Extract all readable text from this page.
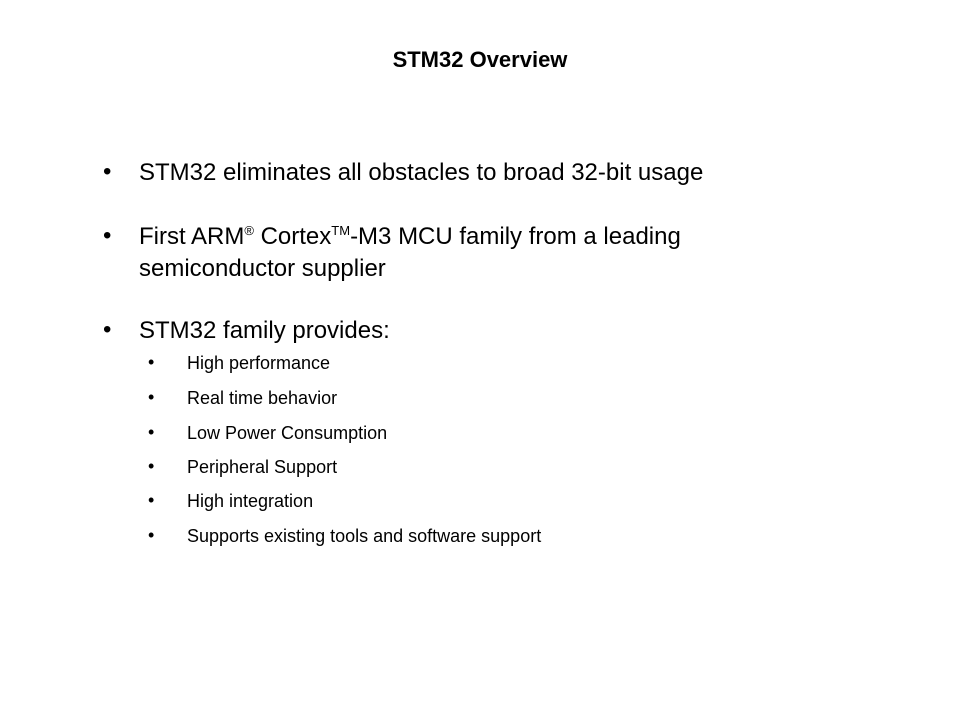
STM32 Overview
• STM32 eliminates all obstacles to broad 32-bit usage
• First ARM® Cortex™-M3 MCU family from a leading
semiconductor supplier
• STM32 family provides:
• High performance
• Real time behavior
• Low Power Consumption
• Peripheral Support
• High integration
• Supports existing tools and software support
